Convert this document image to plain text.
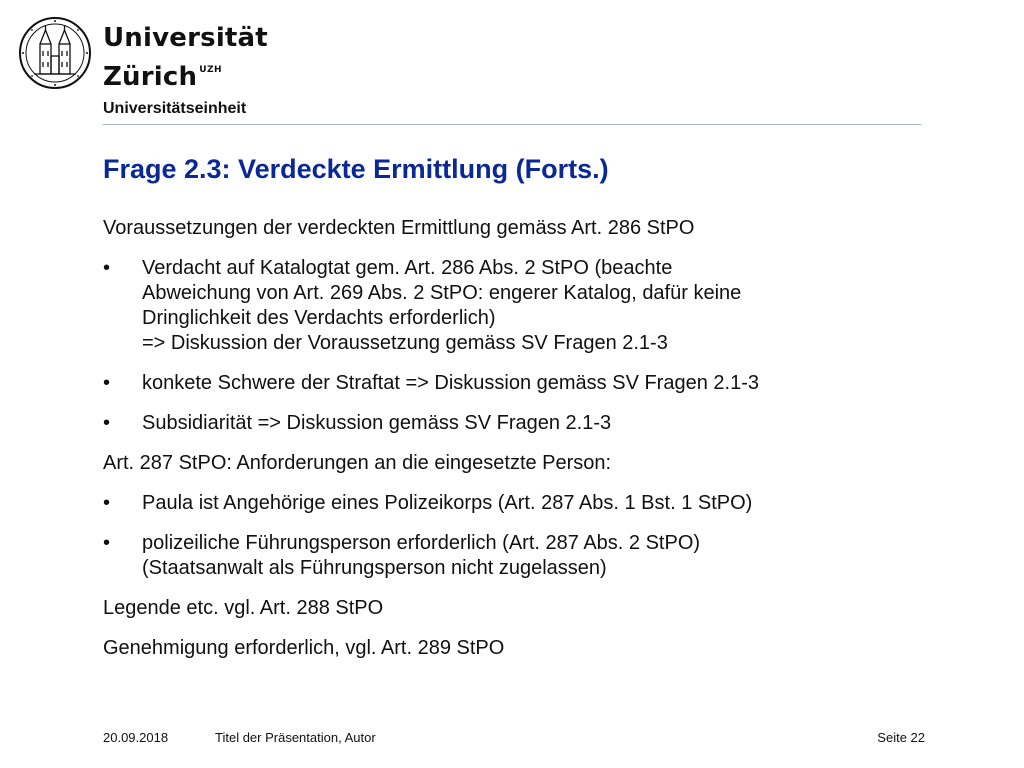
Universität
Zürich $^{UZH}$
Universitätseinheit
Frage 2.3: Verdeckte Ermittlung (Forts.)

Voraussetzungen der verdeckten Ermittlung gemäss Art. 286 StPO

•	Verdacht auf Katalogtat gem. Art. 286 Abs. 2 StPO (beachte
Abweichung von Art. 269 Abs. 2 StPO: engerer Katalog, dafür keine
Dringlichkeit des Verdachts erforderlich)
=> Diskussion der Voraussetzung gemäss SV Fragen 2.1-3
•	konkete Schwere der Straftat => Diskussion gemäss SV Fragen 2.1-3
•	Subsidiarität => Diskussion gemäss SV Fragen 2.1-3

Art. 287 StPO: Anforderungen an die eingesetzte Person:

•	Paula ist Angehörige eines Polizeikorps (Art. 287 Abs. 1 Bst. 1 StPO)
•	polizeiliche Führungsperson erforderlich (Art. 287 Abs. 2 StPO)
(Staatsanwalt als Führungsperson nicht zugelassen)

Legende etc. vgl. Art. 288 StPO

Genehmigung erforderlich, vgl. Art. 289 StPO

20.09.2018	Titel der Präsentation, Autor	Seite 22
